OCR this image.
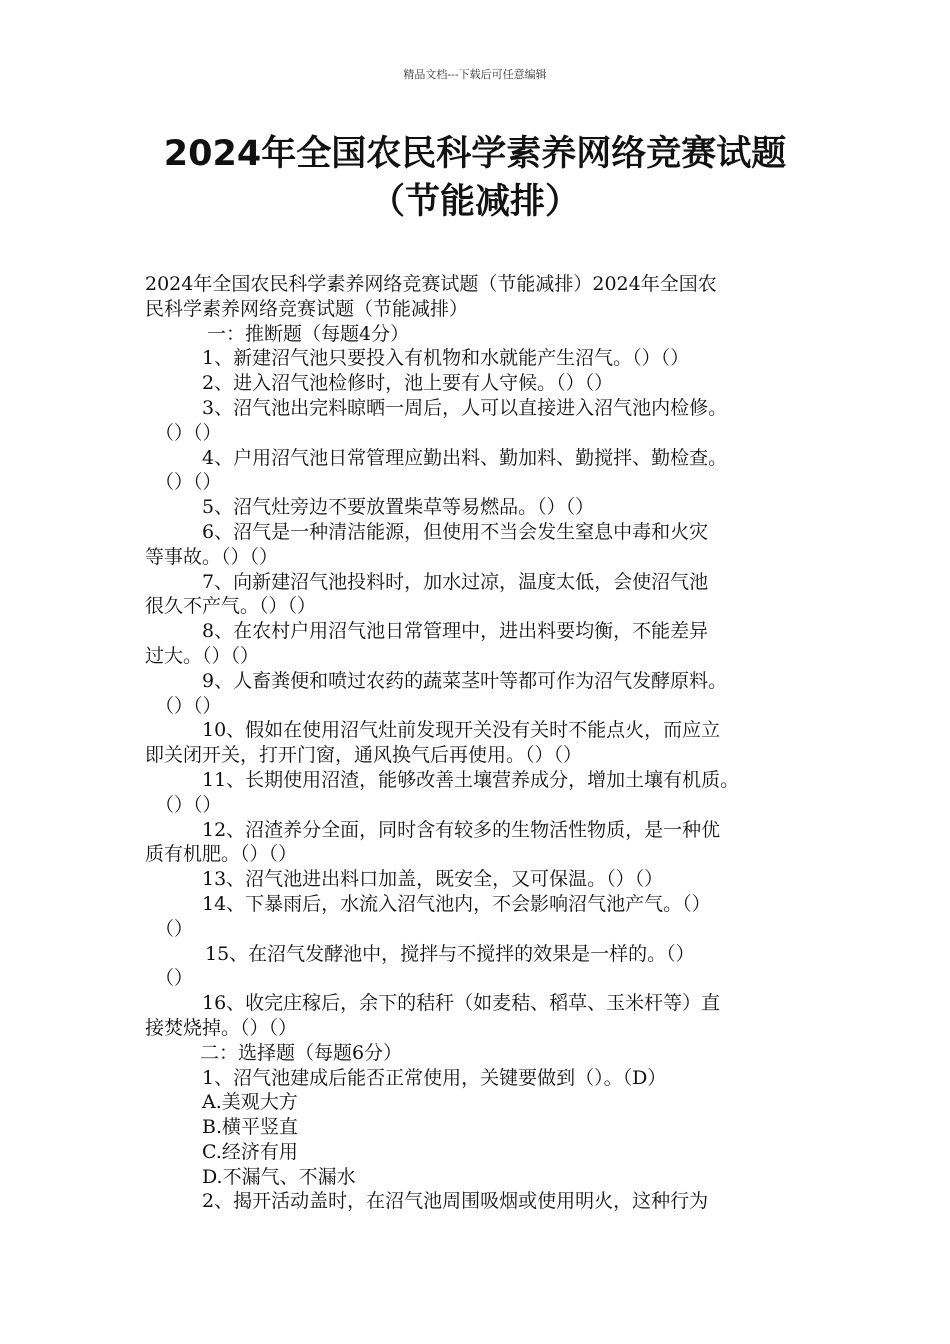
精品文档---下载后可任意编辑
2024年全国农民科学素养网络竞赛试题
（节能减排）
2024年全国农民科学素养网络竞赛试题（节能减排）2024年全国农
民科学素养网络竞赛试题（节能减排）
一：推断题（每题4分）
1、新建沼气池只要投入有机物和水就能产生沼气。（）（）
2、进入沼气池检修时，池上要有人守候。（）（）
3、沼气池出完料晾晒一周后，人可以直接进入沼气池内检修。
（）（）
4、户用沼气池日常管理应勤出料、勤加料、勤搅拌、勤检查。
（）（）
5、沼气灶旁边不要放置柴草等易燃品。（）（）
6、沼气是一种清洁能源，但使用不当会发生窒息中毒和火灾
等事故。（）（）
7、向新建沼气池投料时，加水过凉，温度太低，会使沼气池
很久不产气。（）（）
8、在农村户用沼气池日常管理中，进出料要均衡，不能差异
过大。（）（）
9、人畜粪便和喷过农药的蔬菜茎叶等都可作为沼气发酵原料。
（）（）
10、假如在使用沼气灶前发现开关没有关时不能点火，而应立
即关闭开关，打开门窗，通风换气后再使用。（）（）
11、长期使用沼渣，能够改善土壤营养成分，增加土壤有机质。
（）（）
12、沼渣养分全面，同时含有较多的生物活性物质，是一种优
质有机肥。（）（）
13、沼气池进出料口加盖，既安全，又可保温。（）（）
14、下暴雨后，水流入沼气池内，不会影响沼气池产气。（）
（）
15、在沼气发酵池中，搅拌与不搅拌的效果是一样的。（）
（）
16、收完庄稼后，余下的秸秆（如麦秸、稻草、玉米杆等）直
接焚烧掉。（）（）
二：选择题（每题6分）
1、沼气池建成后能否正常使用，关键要做到（）。（D）
A.美观大方
B.横平竖直
C.经济有用
D.不漏气、不漏水
2、揭开活动盖时，在沼气池周围吸烟或使用明火，这种行为
